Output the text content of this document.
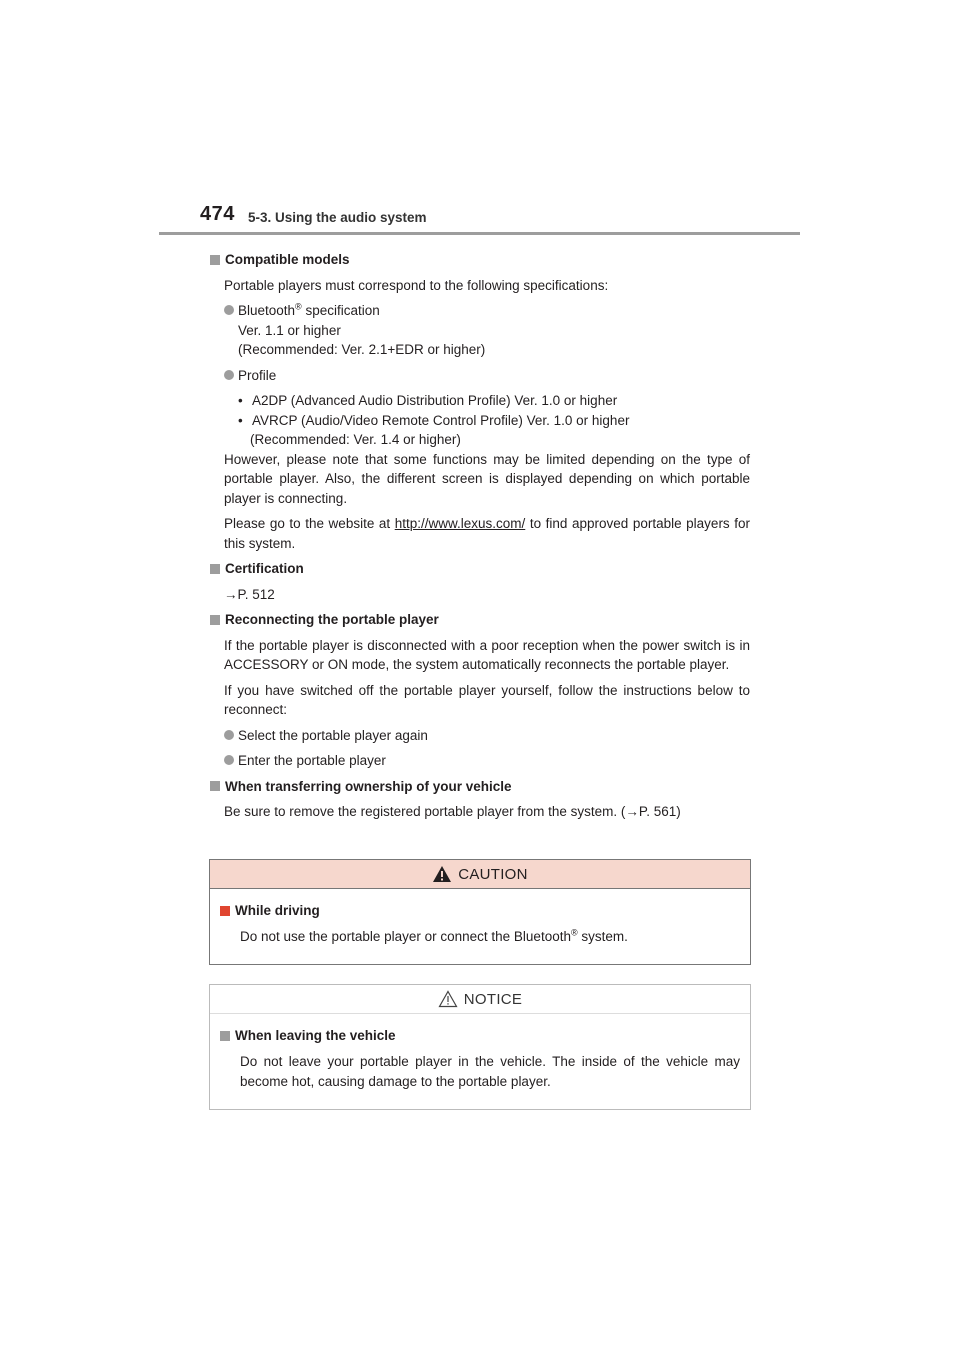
474 5-3. Using the audio system
Compatible models
Portable players must correspond to the following specifications:
Bluetooth® specification
Ver. 1.1 or higher
(Recommended: Ver. 2.1+EDR or higher)
Profile
• A2DP (Advanced Audio Distribution Profile) Ver. 1.0 or higher
• AVRCP (Audio/Video Remote Control Profile) Ver. 1.0 or higher
(Recommended: Ver. 1.4 or higher)
However, please note that some functions may be limited depending on the type of portable player. Also, the different screen is displayed depending on which portable player is connecting.
Please go to the website at http://www.lexus.com/ to find approved portable players for this system.
Certification
→P. 512
Reconnecting the portable player
If the portable player is disconnected with a poor reception when the power switch is in ACCESSORY or ON mode, the system automatically reconnects the portable player.
If you have switched off the portable player yourself, follow the instructions below to reconnect:
Select the portable player again
Enter the portable player
When transferring ownership of your vehicle
Be sure to remove the registered portable player from the system. (→P. 561)
CAUTION
While driving
Do not use the portable player or connect the Bluetooth® system.
NOTICE
When leaving the vehicle
Do not leave your portable player in the vehicle. The inside of the vehicle may become hot, causing damage to the portable player.
